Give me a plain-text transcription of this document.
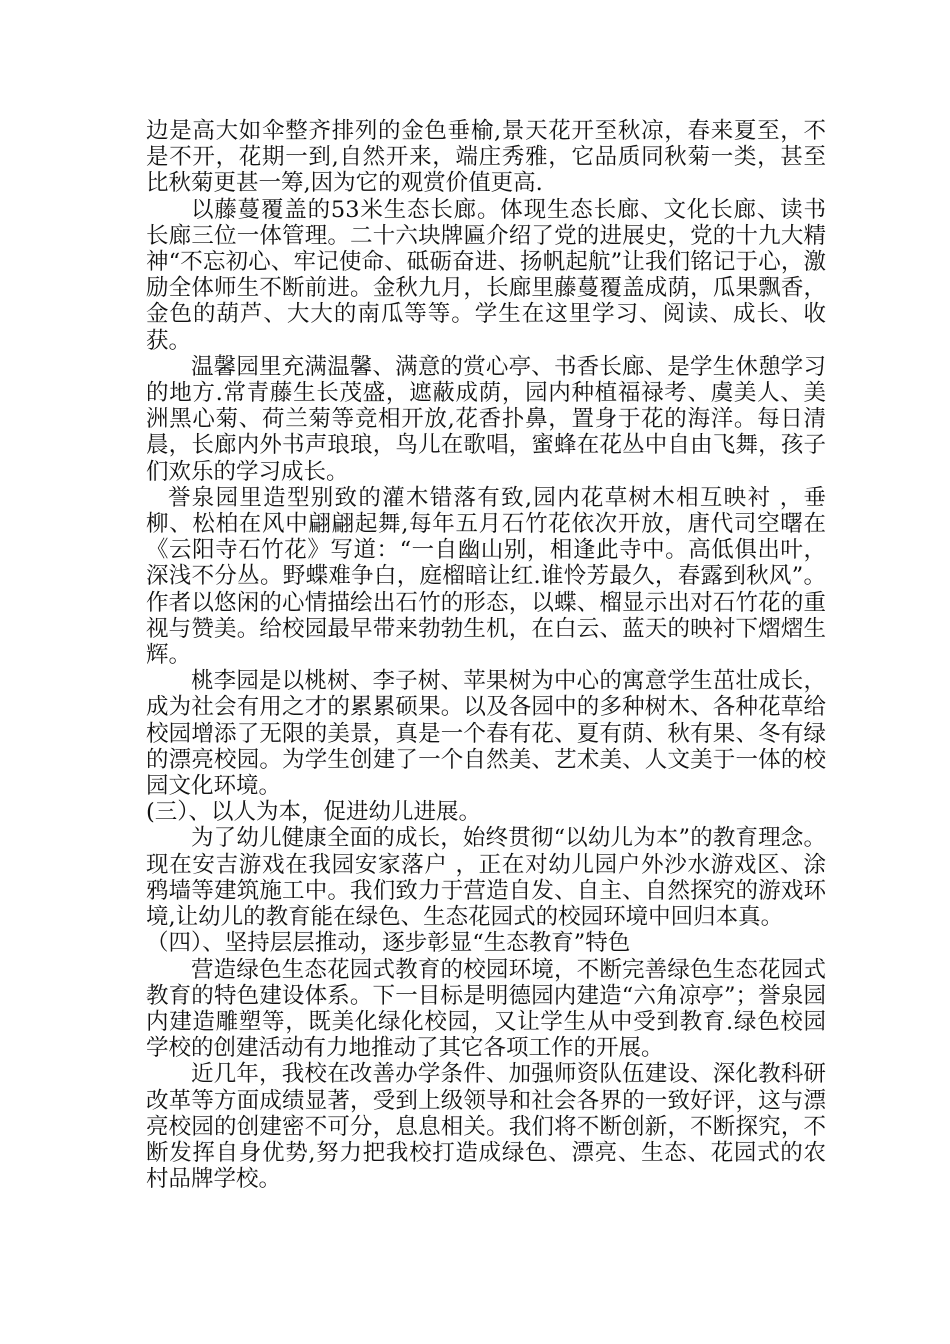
边是高大如伞整齐排列的金色垂榆,景天花开至秋凉，春来夏至，不是不开，花期一到,自然开来，端庄秀雅，它品质同秋菊一类，甚至比秋菊更甚一筹,因为它的观赏价值更高.

以藤蔓覆盖的53米生态长廊。体现生态长廊、文化长廊、读书长廊三位一体管理。二十六块牌匾介绍了党的进展史，党的十九大精神“不忘初心、牢记使命、砥砺奋进、扬帆起航”让我们铭记于心，激励全体师生不断前进。金秋九月，长廊里藤蔓覆盖成荫，瓜果飘香，金色的葫芦、大大的南瓜等等。学生在这里学习、阅读、成长、收获。

温馨园里充满温馨、满意的赏心亭、书香长廊、是学生休憩学习的地方.常青藤生长茂盛，遮蔽成荫，园内种植福禄考、虞美人、美洲黑心菊、荷兰菊等竞相开放,花香扑鼻，置身于花的海洋。每日清晨，长廊内外书声琅琅，鸟儿在歌唱，蜜蜂在花丛中自由飞舞，孩子们欢乐的学习成长。

誉泉园里造型别致的灌木错落有致,园内花草树木相互映衬 ，垂柳、松柏在风中翩翩起舞,每年五月石竹花依次开放，唐代司空曙在《云阳寺石竹花》写道：“一自幽山别，相逢此寺中。高低俱出叶，深浅不分丛。野蝶难争白，庭榴暗让红.谁怜芳最久，春露到秋风”。作者以悠闲的心情描绘出石竹的形态，以蝶、榴显示出对石竹花的重视与赞美。给校园最早带来勃勃生机，在白云、蓝天的映衬下熠熠生辉。

桃李园是以桃树、李子树、苹果树为中心的寓意学生茁壮成长，成为社会有用之才的累累硕果。以及各园中的多种树木、各种花草给校园增添了无限的美景，真是一个春有花、夏有荫、秋有果、冬有绿的漂亮校园。为学生创建了一个自然美、艺术美、人文美于一体的校园文化环境。

(三）、以人为本，促进幼儿进展。

为了幼儿健康全面的成长，始终贯彻“以幼儿为本”的教育理念。现在安吉游戏在我园安家落户 ，正在对幼儿园户外沙水游戏区、涂鸦墙等建筑施工中。我们致力于营造自发、自主、自然探究的游戏环境,让幼儿的教育能在绿色、生态花园式的校园环境中回归本真。

（四）、坚持层层推动，逐步彰显“生态教育”特色

营造绿色生态花园式教育的校园环境，不断完善绿色生态花园式教育的特色建设体系。下一目标是明德园内建造“六角凉亭”；誉泉园内建造雕塑等，既美化绿化校园，又让学生从中受到教育.绿色校园学校的创建活动有力地推动了其它各项工作的开展。

近几年，我校在改善办学条件、加强师资队伍建设、深化教科研改革等方面成绩显著，受到上级领导和社会各界的一致好评，这与漂亮校园的创建密不可分，息息相关。我们将不断创新，不断探究，不断发挥自身优势,努力把我校打造成绿色、漂亮、生态、花园式的农村品牌学校。
